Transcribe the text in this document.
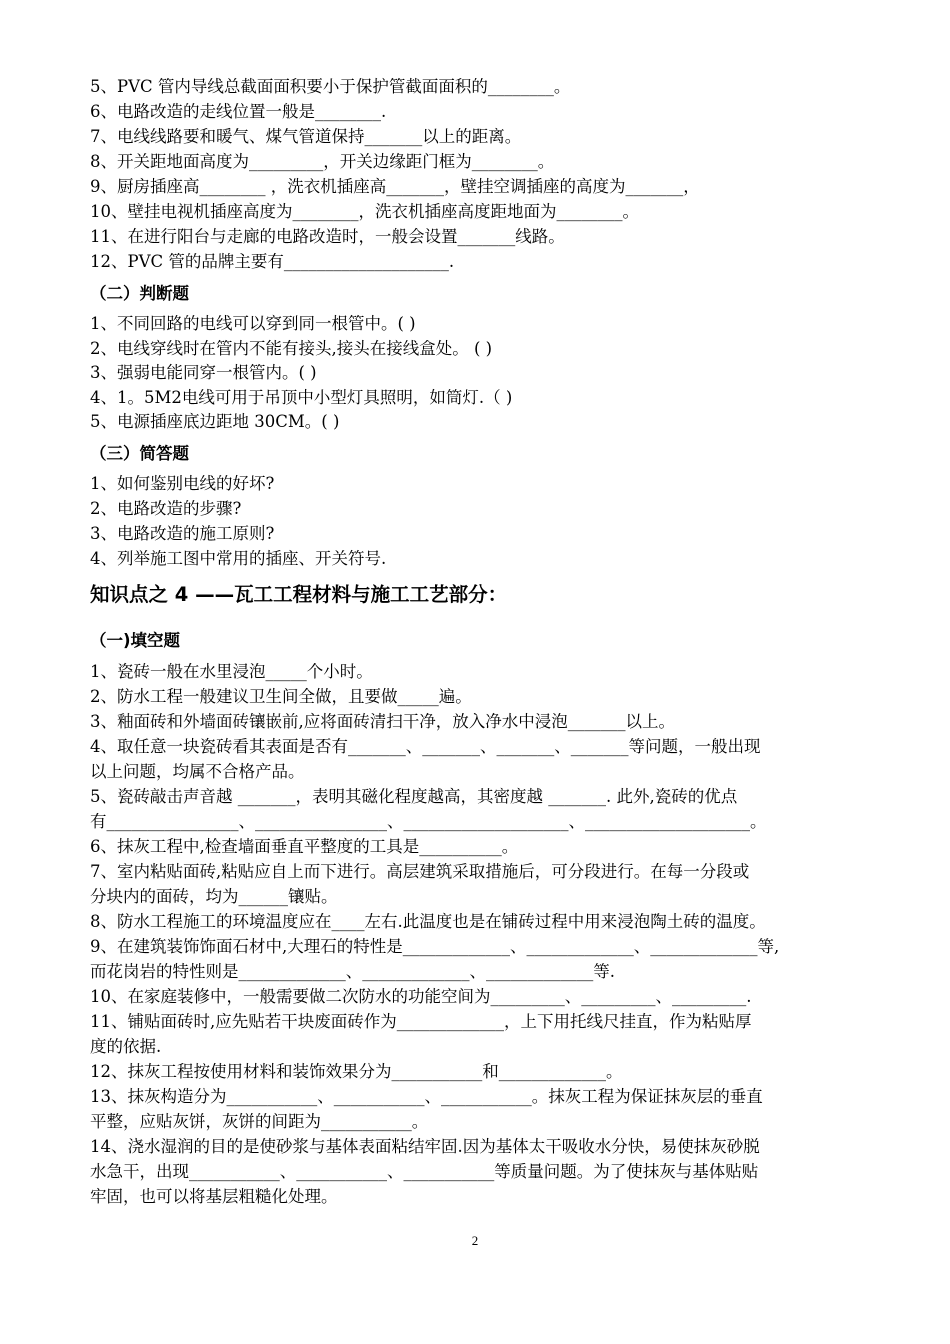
5、PVC 管内导线总截面面积要小于保护管截面面积的________。
6、电路改造的走线位置一般是________.
7、电线线路要和暖气、煤气管道保持_______以上的距离。
8、开关距地面高度为_________，开关边缘距门框为________。
9、厨房插座高________ ，洗衣机插座高_______，壁挂空调插座的高度为_______，
10、壁挂电视机插座高度为________，洗衣机插座高度距地面为________。
11、在进行阳台与走廊的电路改造时，一般会设置_______线路。
12、PVC 管的品牌主要有____________________.
（二）判断题
1、不同回路的电线可以穿到同一根管中。( )
2、电线穿线时在管内不能有接头,接头在接线盒处。 ( )
3、强弱电能同穿一根管内。( )
4、1。5M2电线可用于吊顶中小型灯具照明，如筒灯.（ )
5、电源插座底边距地 30CM。( )
（三）简答题
1、如何鉴别电线的好坏?
2、电路改造的步骤?
3、电路改造的施工原则?
4、列举施工图中常用的插座、开关符号.
知识点之 4 ——瓦工工程材料与施工工艺部分：
（一)填空题
1、瓷砖一般在水里浸泡_____个小时。
2、防水工程一般建议卫生间全做，且要做_____遍。
3、釉面砖和外墙面砖镶嵌前,应将面砖清扫干净，放入净水中浸泡_______以上。
4、取任意一块瓷砖看其表面是否有_______、_______、_______、_______等问题，一般出现
以上问题，均属不合格产品。
5、瓷砖敲击声音越 _______，表明其磁化程度越高，其密度越 _______. 此外,瓷砖的优点
有________________、________________、____________________、____________________。
6、抹灰工程中,检查墙面垂直平整度的工具是__________。
7、室内粘贴面砖,粘贴应自上而下进行。高层建筑采取措施后，可分段进行。在每一分段或
分块内的面砖，均为______镶贴。
8、防水工程施工的环境温度应在____左右.此温度也是在铺砖过程中用来浸泡陶土砖的温度。
9、在建筑装饰饰面石材中,大理石的特性是_____________、_____________、_____________等,
而花岗岩的特性则是_____________、_____________、_____________等.
10、在家庭装修中，一般需要做二次防水的功能空间为_________、_________、_________.
11、铺贴面砖时,应先贴若干块废面砖作为_____________，上下用托线尺挂直，作为粘贴厚
度的依据.
12、抹灰工程按使用材料和装饰效果分为___________和_____________。
13、抹灰构造分为___________、___________、___________。抹灰工程为保证抹灰层的垂直
平整，应贴灰饼，灰饼的间距为___________。
14、浇水湿润的目的是使砂浆与基体表面粘结牢固.因为基体太干吸收水分快，易使抹灰砂脱
水急干，出现___________、___________、___________等质量问题。为了使抹灰与基体贴贴
牢固，也可以将基层粗糙化处理。
2
